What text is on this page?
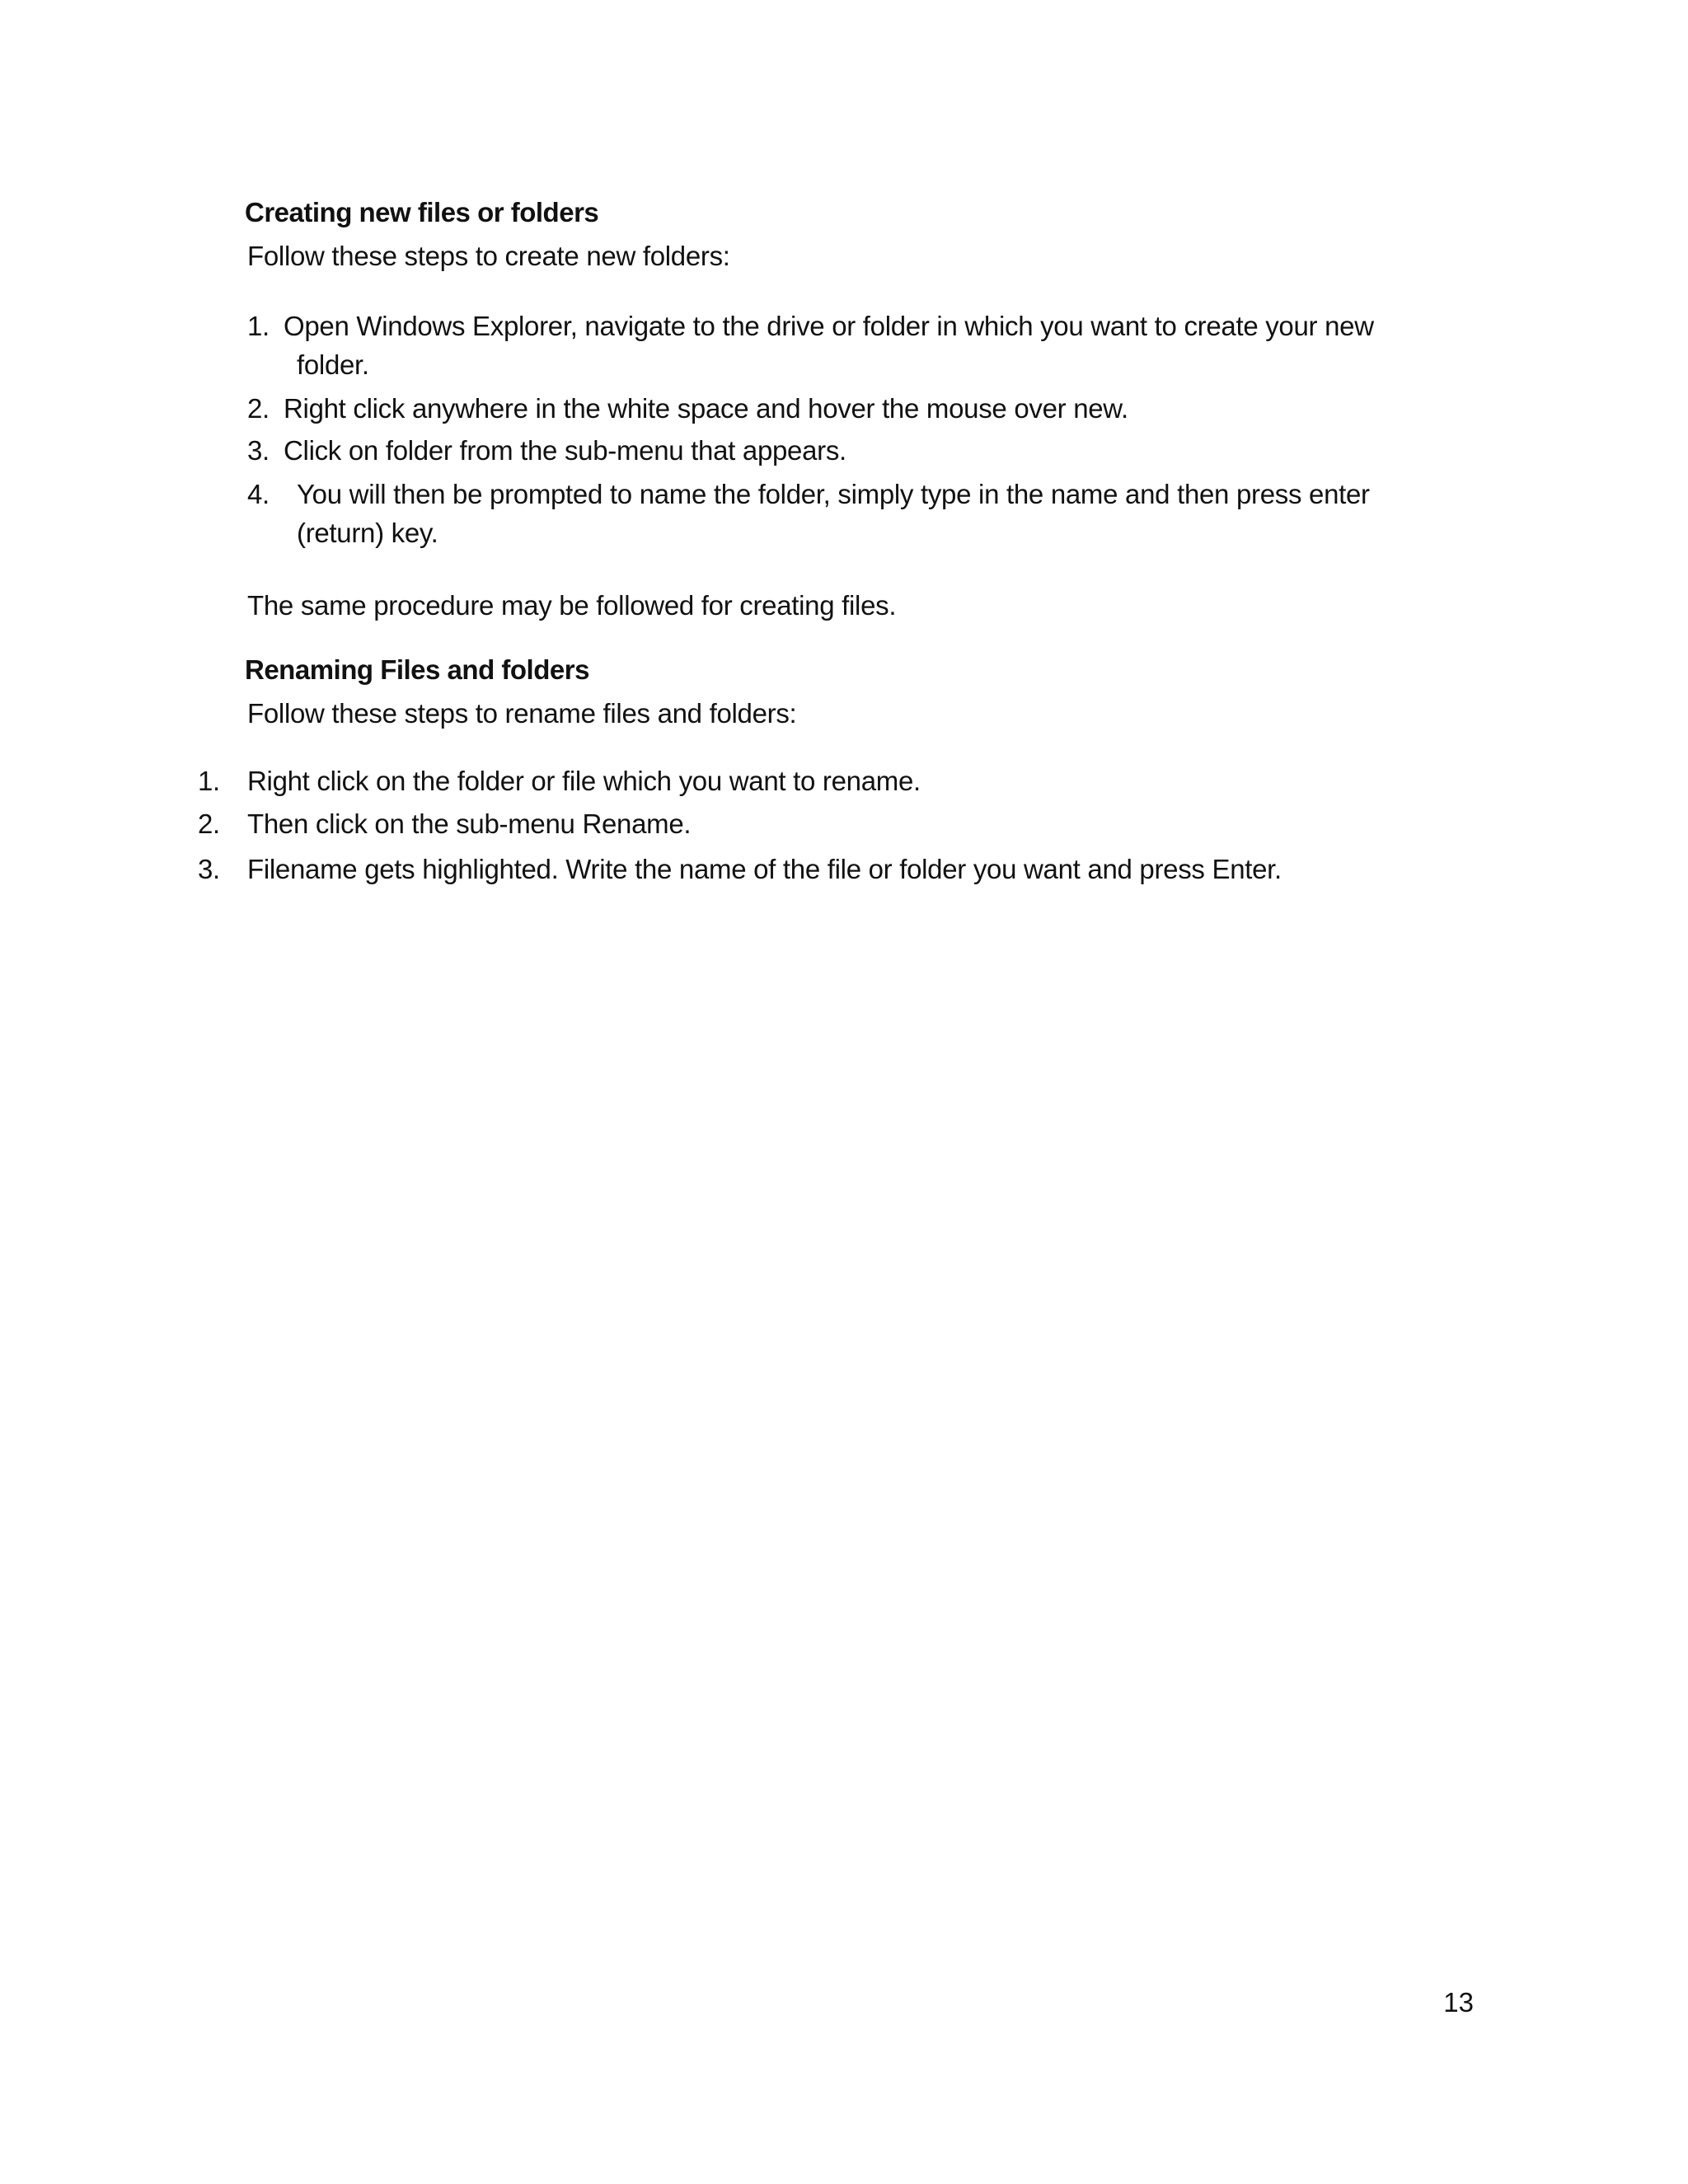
Creating new files or folders
Follow these steps to create new folders:
1. Open Windows Explorer, navigate to the drive or folder in which you want to create your new
folder.
2. Right click anywhere in the white space and hover the mouse over new.
3. Click on folder from the sub-menu that appears.
4. You will then be prompted to name the folder, simply type in the name and then press enter
(return) key.
The same procedure may be followed for creating files.
Renaming Files and folders
Follow these steps to rename files and folders:
1. Right click on the folder or file which you want to rename.
2. Then click on the sub-menu Rename.
3. Filename gets highlighted. Write the name of the file or folder you want and press Enter.
13
